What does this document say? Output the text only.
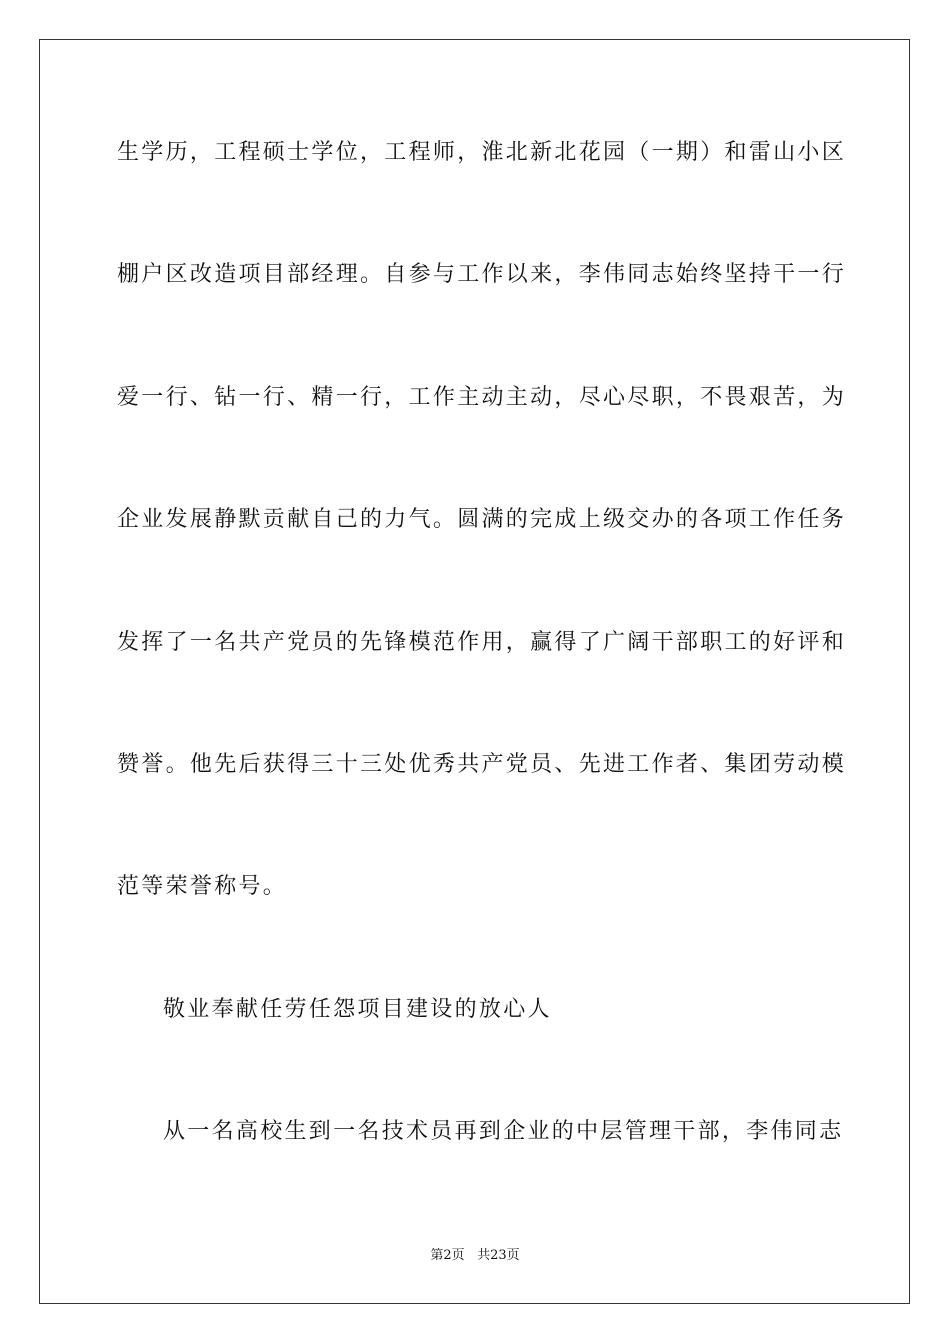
生学历，工程硕士学位，工程师，淮北新北花园（一期）和雷山小区
棚户区改造项目部经理。自参与工作以来，李伟同志始终坚持干一行
爱一行、钻一行、精一行，工作主动主动，尽心尽职，不畏艰苦，为
企业发展静默贡献自己的力气。圆满的完成上级交办的各项工作任务
发挥了一名共产党员的先锋模范作用，赢得了广阔干部职工的好评和
赞誉。他先后获得三十三处优秀共产党员、先进工作者、集团劳动模
范等荣誉称号。
敬业奉献任劳任怨项目建设的放心人
从一名高校生到一名技术员再到企业的中层管理干部，李伟同志
第2页 共23页
